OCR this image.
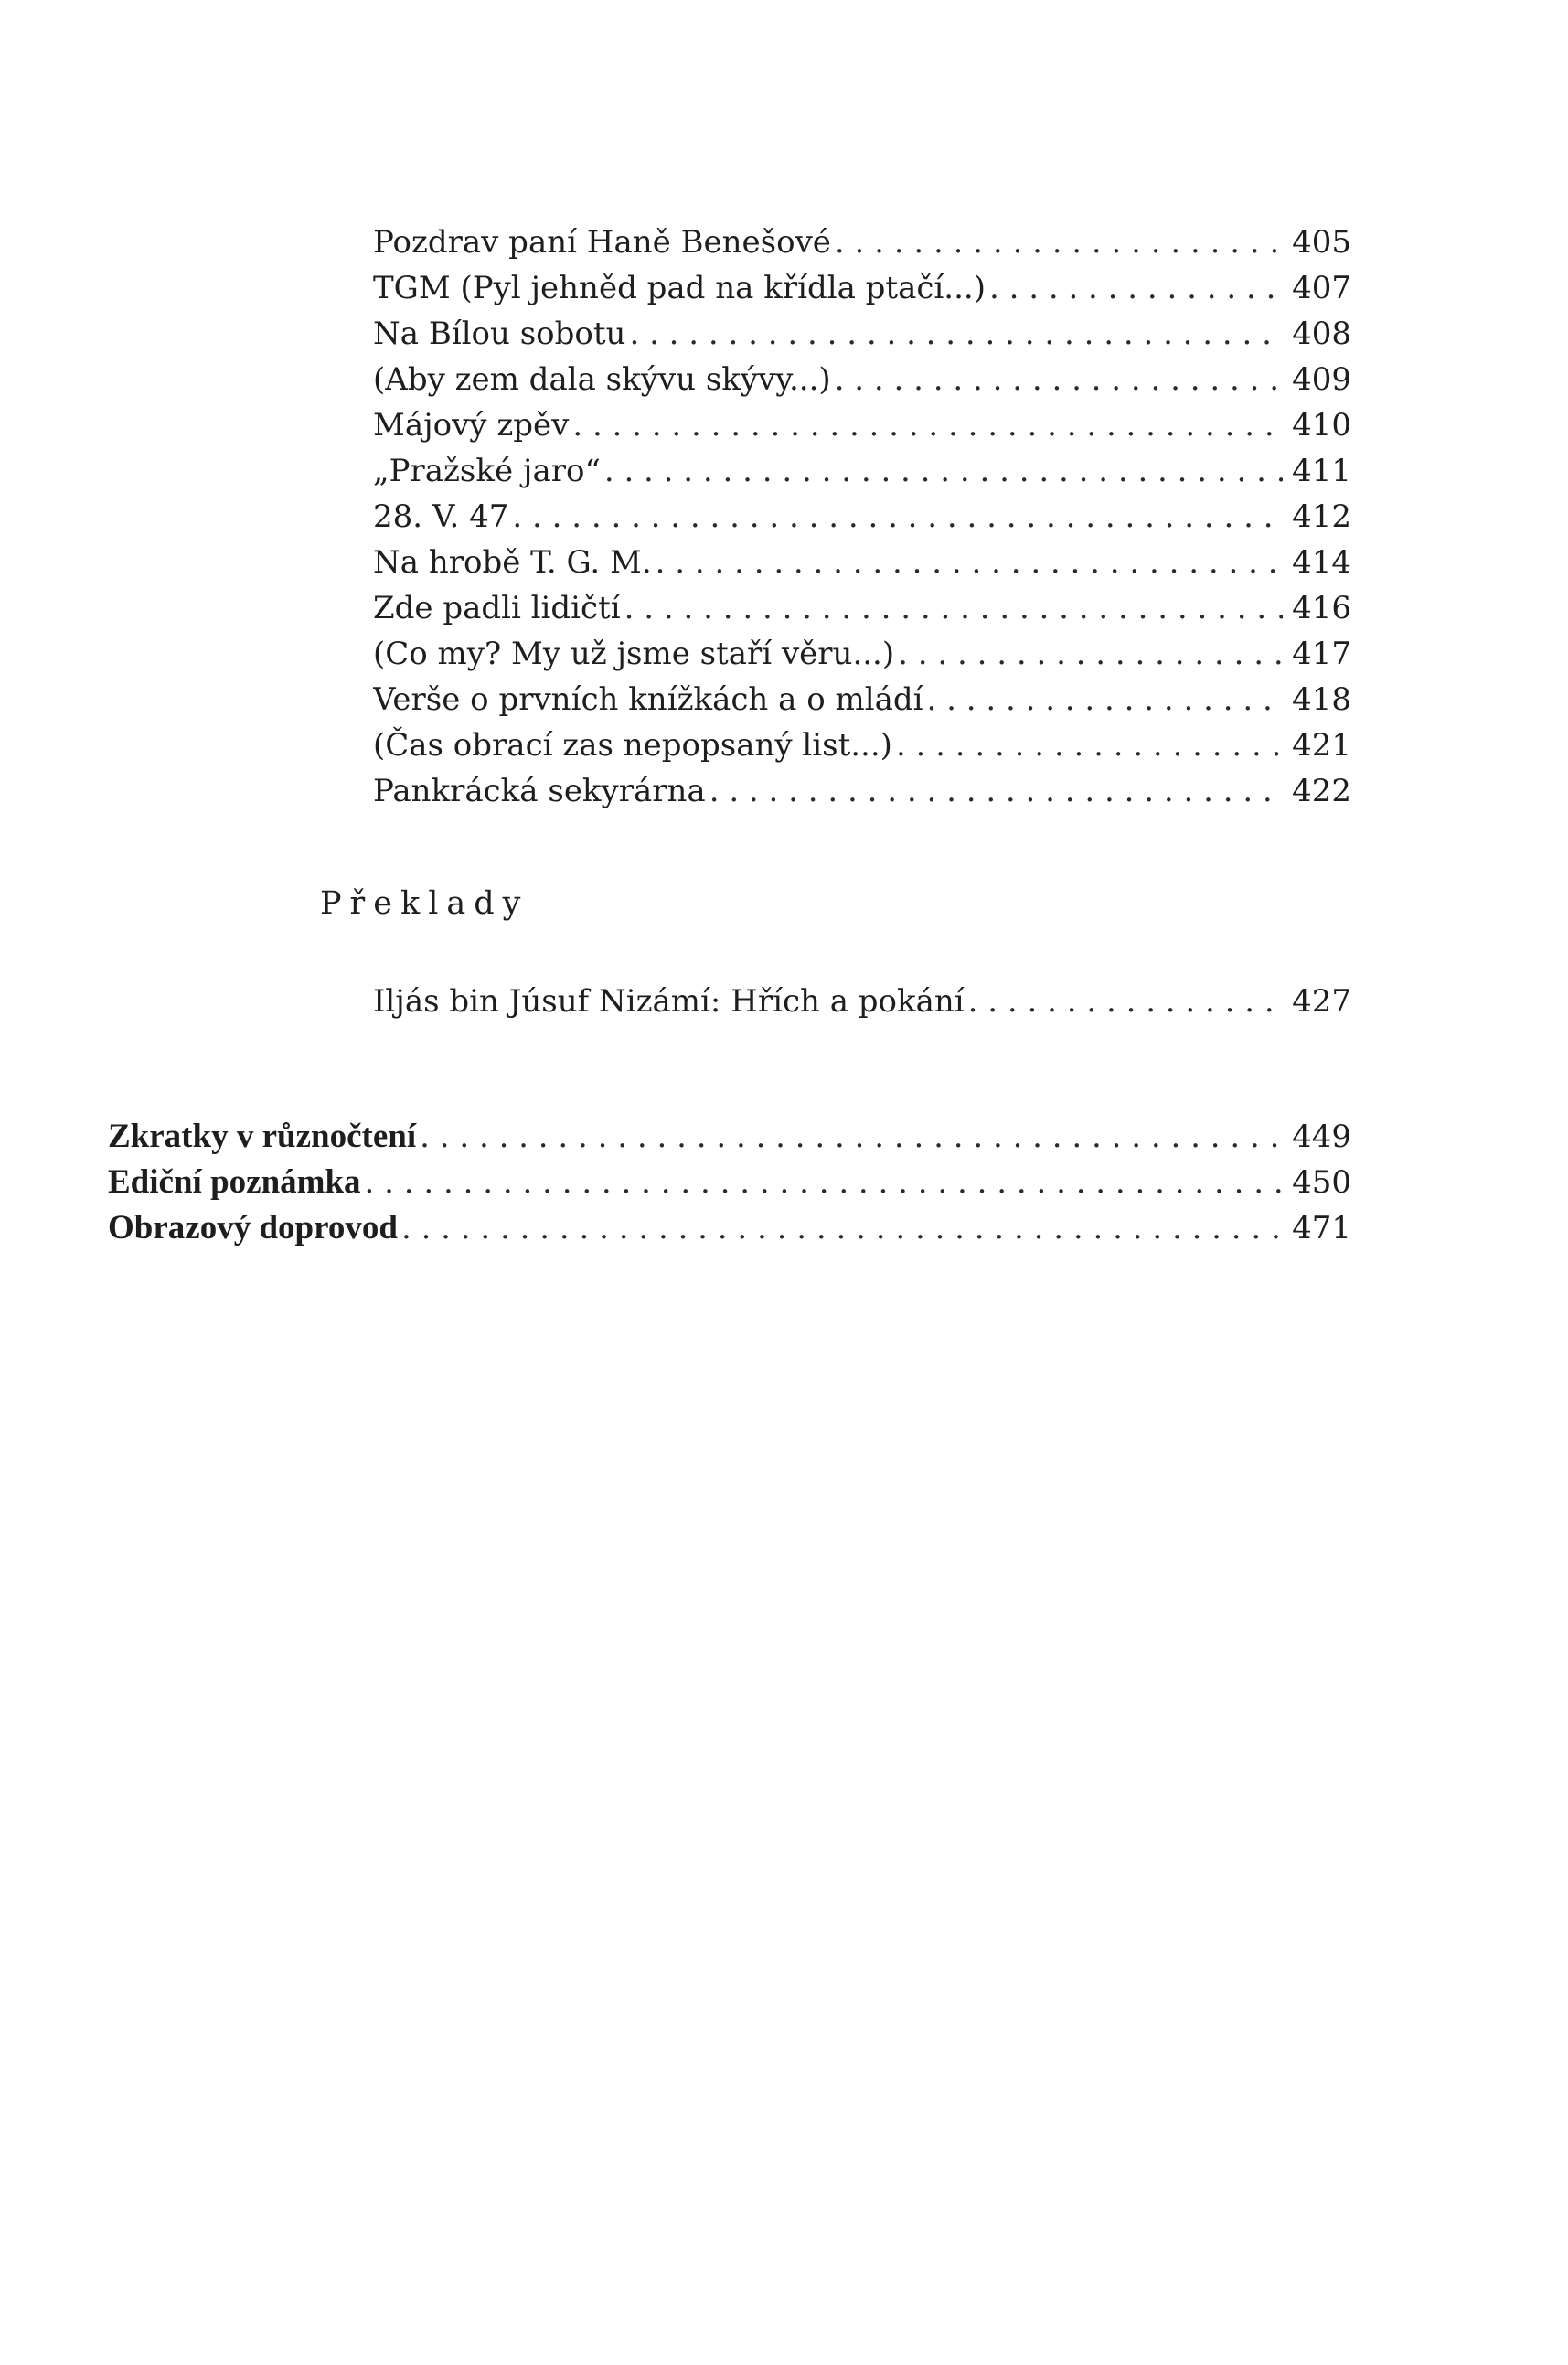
Pozdrav paní Haně Benešové . . .	405
TGM (Pyl jehněd pad na křídla ptačí...) . . .	407
Na Bílou sobotu . . .	408
(Aby zem dala skývu skývy...) . . .	409
Májový zpěv . . .	410
„Pražské jaro“ . . .	411
28. V. 47 . . .	412
Na hrobě T. G. M. . . .	414
Zde padli lidičtí . . .	416
(Co my? My už jsme staří věru...) . . .	417
Verše o prvních knížkách a o mládí . . .	418
(Čas obrací zas nepopsaný list...) . . .	421
Pankrácká sekyrárna . . .	422
Překlady
Iljás bin Júsuf Nizámí: Hřích a pokání . . .	427
Zkratky v různočtení . . .	449
Ediční poznámka . . .	450
Obrazový doprovod . . .	471
